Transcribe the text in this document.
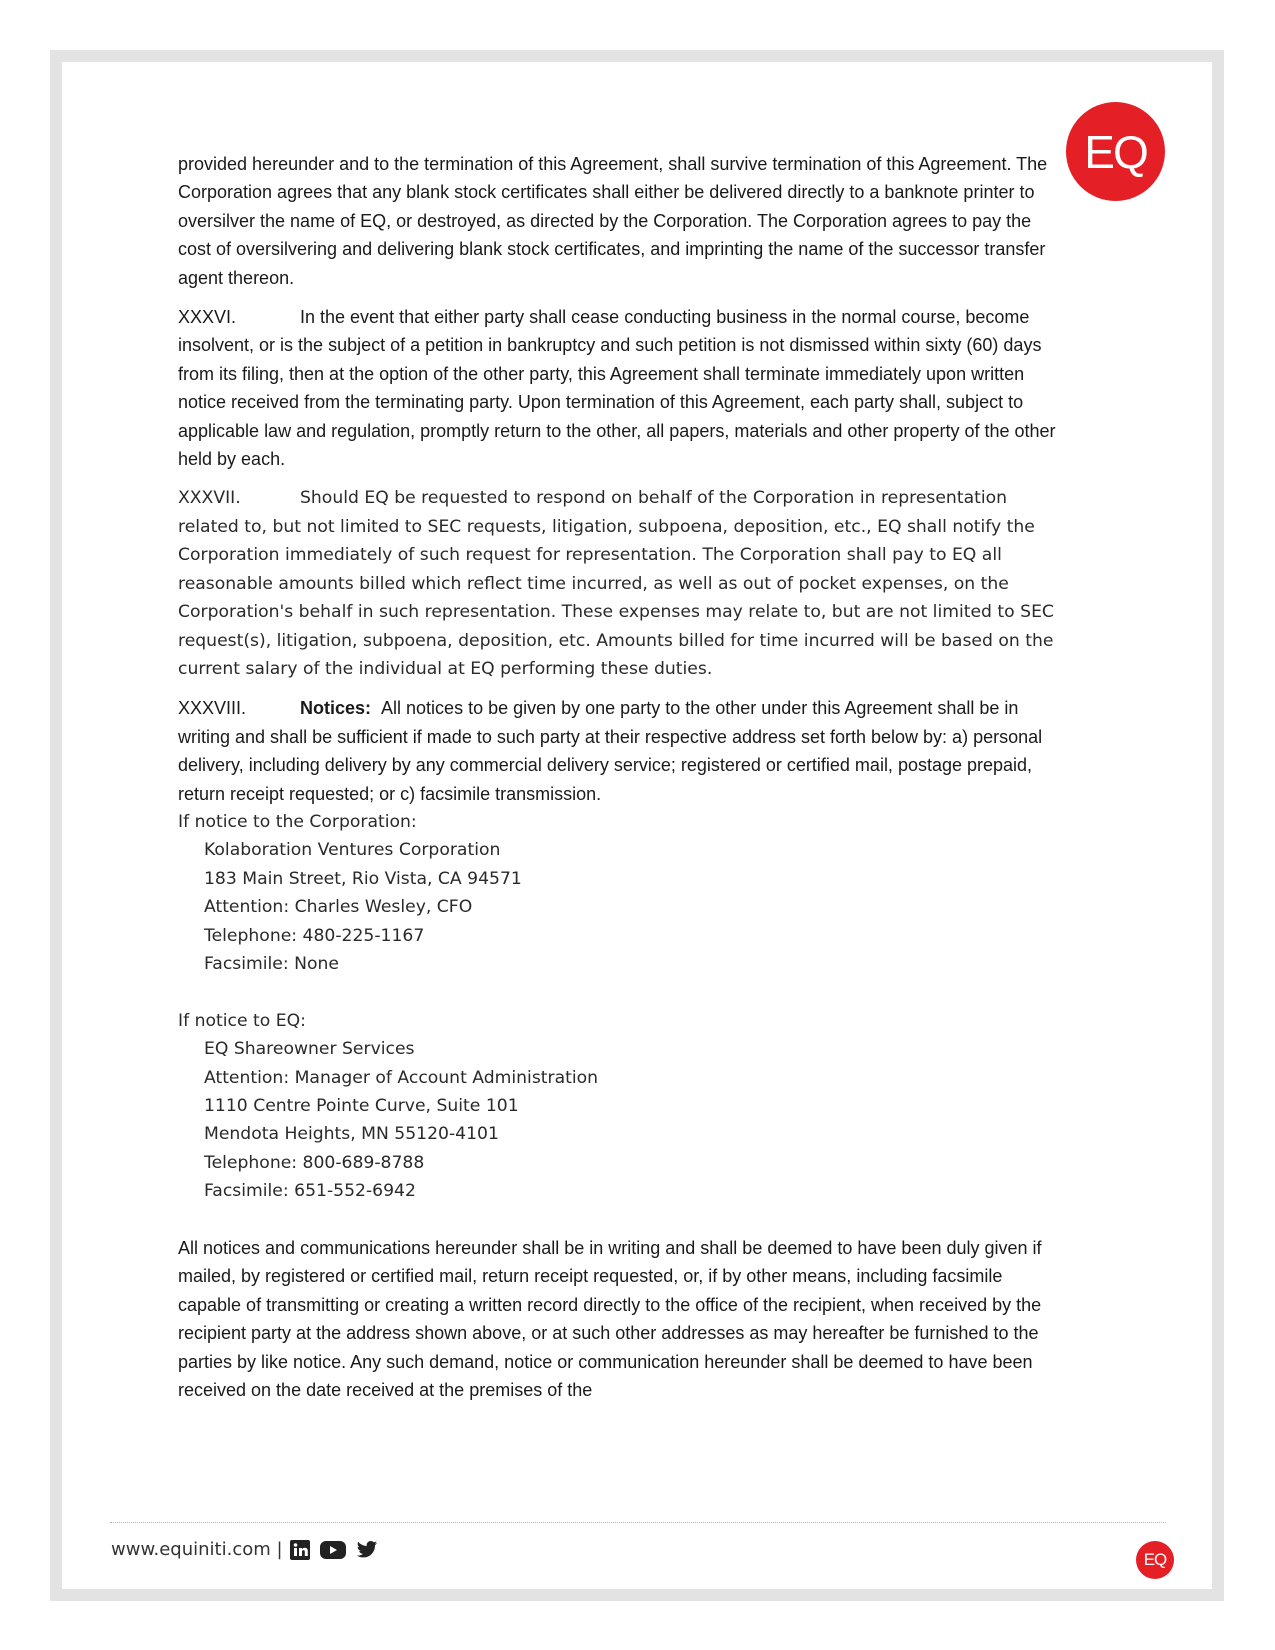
EQ

provided hereunder and to the termination of this Agreement, shall survive termination of this Agreement. The Corporation agrees that any blank stock certificates shall either be delivered directly to a banknote printer to oversilver the name of EQ, or destroyed, as directed by the Corporation. The Corporation agrees to pay the cost of oversilvering and delivering blank stock certificates, and imprinting the name of the successor transfer agent thereon.

XXXVI.	In the event that either party shall cease conducting business in the normal course, become insolvent, or is the subject of a petition in bankruptcy and such petition is not dismissed within sixty (60) days from its filing, then at the option of the other party, this Agreement shall terminate immediately upon written notice received from the terminating party. Upon termination of this Agreement, each party shall, subject to applicable law and regulation, promptly return to the other, all papers, materials and other property of the other held by each.

XXXVII.	Should EQ be requested to respond on behalf of the Corporation in representation related to, but not limited to SEC requests, litigation, subpoena, deposition, etc., EQ shall notify the Corporation immediately of such request for representation. The Corporation shall pay to EQ all reasonable amounts billed which reflect time incurred, as well as out of pocket expenses, on the Corporation's behalf in such representation. These expenses may relate to, but are not limited to SEC request(s), litigation, subpoena, deposition, etc. Amounts billed for time incurred will be based on the current salary of the individual at EQ performing these duties.

XXXVIII.	Notices: All notices to be given by one party to the other under this Agreement shall be in writing and shall be sufficient if made to such party at their respective address set forth below by: a) personal delivery, including delivery by any commercial delivery service; registered or certified mail, postage prepaid, return receipt requested; or c) facsimile transmission.

If notice to the Corporation:
Kolaboration Ventures Corporation
183 Main Street, Rio Vista, CA 94571
Attention: Charles Wesley, CFO
Telephone: 480-225-1167
Facsimile: None
If notice to EQ:
EQ Shareowner Services
Attention: Manager of Account Administration
1110 Centre Pointe Curve, Suite 101
Mendota Heights, MN 55120-4101
Telephone: 800-689-8788
Facsimile: 651-552-6942

All notices and communications hereunder shall be in writing and shall be deemed to have been duly given if mailed, by registered or certified mail, return receipt requested, or, if by other means, including facsimile capable of transmitting or creating a written record directly to the office of the recipient, when received by the recipient party at the address shown above, or at such other addresses as may hereafter be furnished to the parties by like notice. Any such demand, notice or communication hereunder shall be deemed to have been received on the date received at the premises of the

www.equiniti.com |	EQ
